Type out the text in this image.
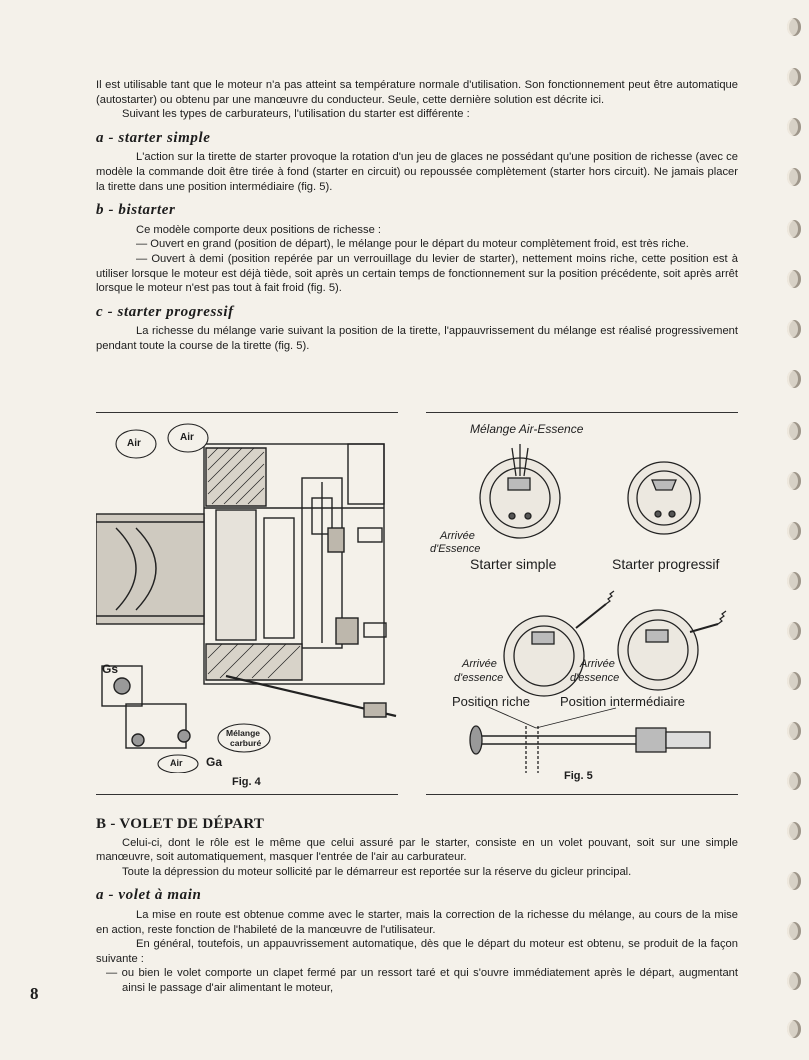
Il est utilisable tant que le moteur n'a pas atteint sa température normale d'utilisation. Son fonctionnement peut être automatique (autostarter) ou obtenu par une manœuvre du conducteur. Seule, cette dernière solution est décrite ici.

Suivant les types de carburateurs, l'utilisation du starter est différente :

a - starter simple

L'action sur la tirette de starter provoque la rotation d'un jeu de glaces ne possédant qu'une position de richesse (avec ce modèle la commande doit être tirée à fond (starter en circuit) ou repoussée complètement (starter hors circuit). Ne jamais placer la tirette dans une position intermédiaire (fig. 5).

b - bistarter

Ce modèle comporte deux positions de richesse :

— Ouvert en grand (position de départ), le mélange pour le départ du moteur complètement froid, est très riche.

— Ouvert à demi (position repérée par un verrouillage du levier de starter), nettement moins riche, cette position est à utiliser lorsque le moteur est déjà tiède, soit après un certain temps de fonctionnement sur la position précédente, soit après arrêt lorsque le moteur n'est pas tout à fait froid (fig. 5).

c - starter progressif

La richesse du mélange varie suivant la position de la tirette, l'appauvrissement du mélange est réalisé progressivement pendant toute la course de la tirette (fig. 5).

Air
Air
Gs
Mélange
carburé
Air Ga
Fig. 4
Mélange Air-Essence
Arrivée
d'Essence
Starter simple	Starter progressif
Arrivée
d'essence
Arrivée
d'essence
Position riche Position intermédiaire
Fig. 5
B - VOLET DE DÉPART

Celui-ci, dont le rôle est le même que celui assuré par le starter, consiste en un volet pouvant, soit sur une simple manœuvre, soit automatiquement, masquer l'entrée de l'air au carburateur.

Toute la dépression du moteur sollicité par le démarreur est reportée sur la réserve du gicleur principal.

a - volet à main

La mise en route est obtenue comme avec le starter, mais la correction de la richesse du mélange, au cours de la mise en action, reste fonction de l'habileté de la manœuvre de l'utilisateur.

En général, toutefois, un appauvrissement automatique, dès que le départ du moteur est obtenu, se produit de la façon suivante :

— ou bien le volet comporte un clapet fermé par un ressort taré et qui s'ouvre immédiatement après le départ, augmentant ainsi le passage d'air alimentant le moteur,

8
